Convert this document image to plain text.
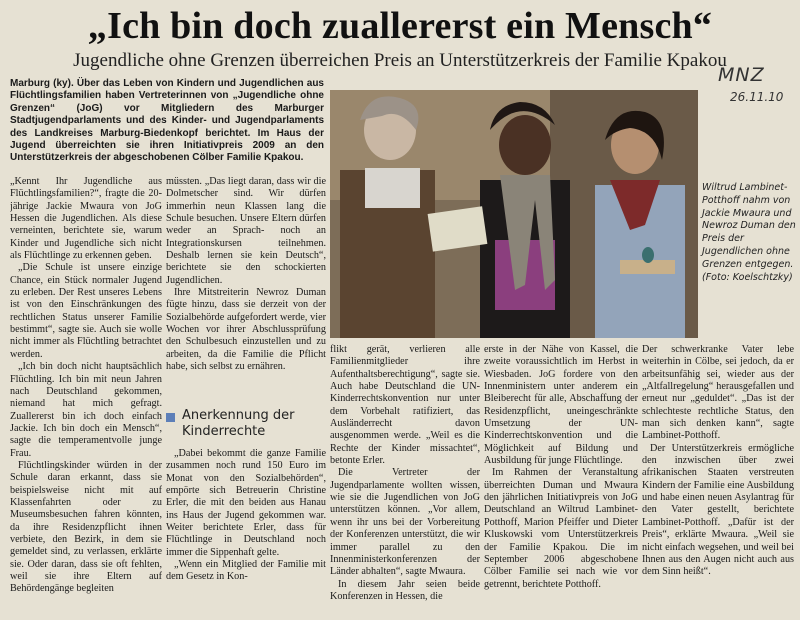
„Ich bin doch zuallererst ein Mensch“
Jugendliche ohne Grenzen überreichen Preis an Unterstützerkreis der Familie Kpakou
MNZ
26.11.10
Marburg (ky). Über das Leben von Kindern und Jugendlichen aus Flüchtlingsfamilien haben Vertreterinnen von „Jugendliche ohne Grenzen“ (JoG) vor Mitgliedern des Marburger Stadtjugendparlaments und des Kinder- und Jugendparlaments des Landkreises Marburg-Biedenkopf berichtet. Im Haus der Jugend überreichten sie ihren Initiativpreis 2009 an den Unterstützerkreis der abgeschobenen Cölber Familie Kpakou.
Wiltrud Lambinet-Potthoff nahm von Jackie Mwaura und Newroz Duman den Preis der Jugendlichen ohne Grenzen entgegen. (Foto: Koelschtzky)

„Kennt Ihr Jugendliche aus Flüchtlingsfamilien?“, fragte die 20-jährige Jackie Mwaura von JoG Hessen die Jugendlichen. Als diese verneinten, berichtete sie, warum Kinder und Jugendliche sich nicht als Flüchtlinge zu erkennen geben.

„Die Schule ist unsere einzige Chance, ein Stück normaler Jugend zu erleben. Der Rest unseres Lebens ist von den Einschränkungen des rechtlichen Status unserer Familie bestimmt“, sagte sie. Auch sie wolle nicht immer als Flüchtling betrachtet werden.

„Ich bin doch nicht hauptsächlich Flüchtling. Ich bin mit neun Jahren nach Deutschland gekommen, niemand hat mich gefragt. Zuallererst bin ich doch einfach Jackie. Ich bin doch ein Mensch“, sagte die temperamentvolle junge Frau.

Flüchtlingskinder würden in der Schule daran erkannt, dass sie beispielsweise nicht mit auf Klassenfahrten oder zu Museumsbesuchen fahren könnten, da ihre Residenzpflicht ihnen verbiete, den Bezirk, in dem sie gemeldet sind, zu verlassen, erklärte sie. Oder daran, dass sie oft fehlten, weil sie ihre Eltern auf Behördengänge begleiten

müssten. „Das liegt daran, dass wir die Dolmetscher sind. Wir dürfen immerhin neun Klassen lang die Schule besuchen. Unsere Eltern dürfen weder an Sprach- noch an Integrationskursen teilnehmen. Deshalb lernen sie kein Deutsch“, berichtete sie den schockierten Jugendlichen.

Ihre Mitstreiterin Newroz Duman fügte hinzu, dass sie derzeit von der Sozialbehörde aufgefordert werde, vier Wochen vor ihrer Abschlussprüfung den Schulbesuch einzustellen und zu arbeiten, da die Familie die Pflicht habe, sich selbst zu ernähren.

Anerkennung der Kinderrechte

„Dabei bekommt die ganze Familie zusammen noch rund 150 Euro im Monat von den Sozialbehörden“, empörte sich Betreuerin Christine Erler, die mit den beiden aus Hanau ins Haus der Jugend gekommen war. Weiter berichtete Erler, dass für Flüchtlinge in Deutschland noch immer die Sippenhaft gelte.

„Wenn ein Mitglied der Familie mit dem Gesetz in Kon-

flikt gerät, verlieren alle Familienmitglieder ihre Aufenthaltsberechtigung“, sagte sie. Auch habe Deutschland die UN-Kinderrechtskonvention nur unter dem Vorbehalt ratifiziert, das Ausländerrecht davon ausgenommen werde. „Weil es die Rechte der Kinder missachtet“, betonte Erler.

Die Vertreter der Jugendparlamente wollten wissen, wie sie die Jugendlichen von JoG unterstützen können. „Vor allem, wenn ihr uns bei der Vorbereitung der Konferenzen unterstützt, die wir immer parallel zu den Innenministerkonferenzen der Länder abhalten“, sagte Mwaura.

In diesem Jahr seien beide Konferenzen in Hessen, die

erste in der Nähe von Kassel, die zweite voraussichtlich im Herbst in Wiesbaden. JoG fordere von den Innenministern unter anderem ein Bleiberecht für alle, Abschaffung der Residenzpflicht, uneingeschränkte Umsetzung der UN-Kinderrechtskonvention und die Möglichkeit auf Bildung und Ausbildung für junge Flüchtlinge.

Im Rahmen der Veranstaltung überreichten Duman und Mwaura den jährlichen Initiativpreis von JoG Deutschland an Wiltrud Lambinet-Potthoff, Marion Pfeiffer und Dieter Kluskowski vom Unterstützerkreis der Familie Kpakou. Die im September 2006 abgeschobene Cölber Familie sei nach wie vor getrennt, berichtete Potthoff.

Der schwerkranke Vater lebe weiterhin in Cölbe, sei jedoch, da er arbeitsunfähig sei, wieder aus der „Altfallregelung“ herausgefallen und erneut nur „geduldet“. „Das ist der schlechteste rechtliche Status, den man sich denken kann“, sagte Lambinet-Potthoff.

Der Unterstützerkreis ermögliche den inzwischen über zwei afrikanischen Staaten verstreuten Kindern der Familie eine Ausbildung und habe einen neuen Asylantrag für den Vater gestellt, berichtete Lambinet-Potthoff. „Dafür ist der Preis“, erklärte Mwaura. „Weil sie nicht einfach wegsehen, und weil bei Ihnen aus den Augen nicht auch aus dem Sinn heißt“.
